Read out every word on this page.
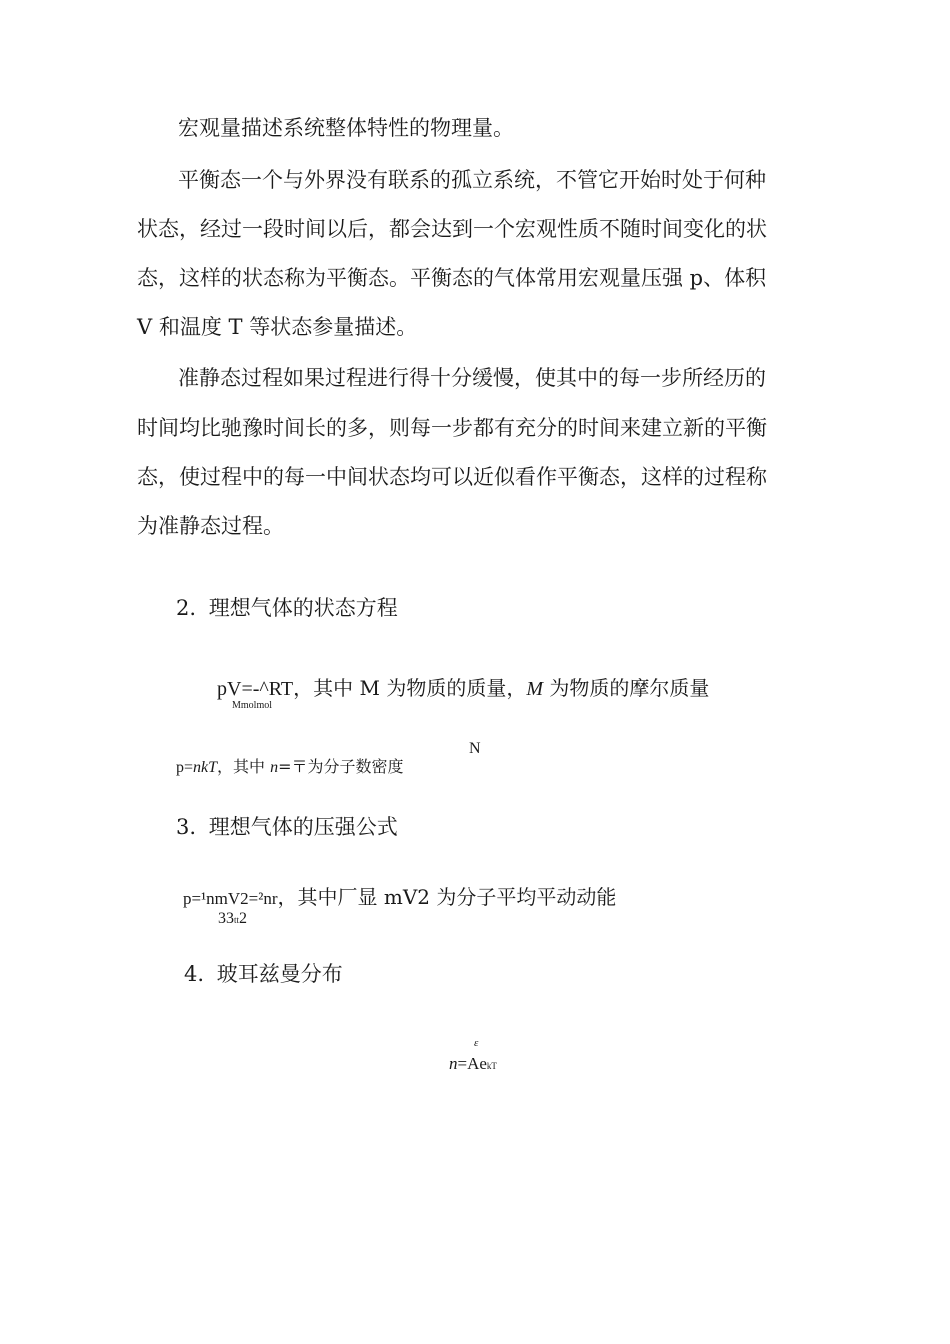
宏观量描述系统整体特性的物理量。
平衡态一个与外界没有联系的孤立系统，不管它开始时处于何种
状态，经过一段时间以后，都会达到一个宏观性质不随时间变化的状
态，这样的状态称为平衡态。平衡态的气体常用宏观量压强 p、体积
V 和温度 T 等状态参量描述。
准静态过程如果过程进行得十分缓慢，使其中的每一步所经历的
时间均比驰豫时间长的多，则每一步都有充分的时间来建立新的平衡
态，使过程中的每一中间状态均可以近似看作平衡态，这样的过程称
为准静态过程。
2. 理想气体的状态方程
pV=-^RT，其中 M 为物质的质量，M 为物质的摩尔质量
Mmolmol
N
p=nkT，其中 n=〒为分子数密度
3. 理想气体的压强公式
p=¹nmV2=²nr，其中厂显 mV2 为分子平均平动动能
33tt2
4. 玻耳兹曼分布
ε
n=AekT
